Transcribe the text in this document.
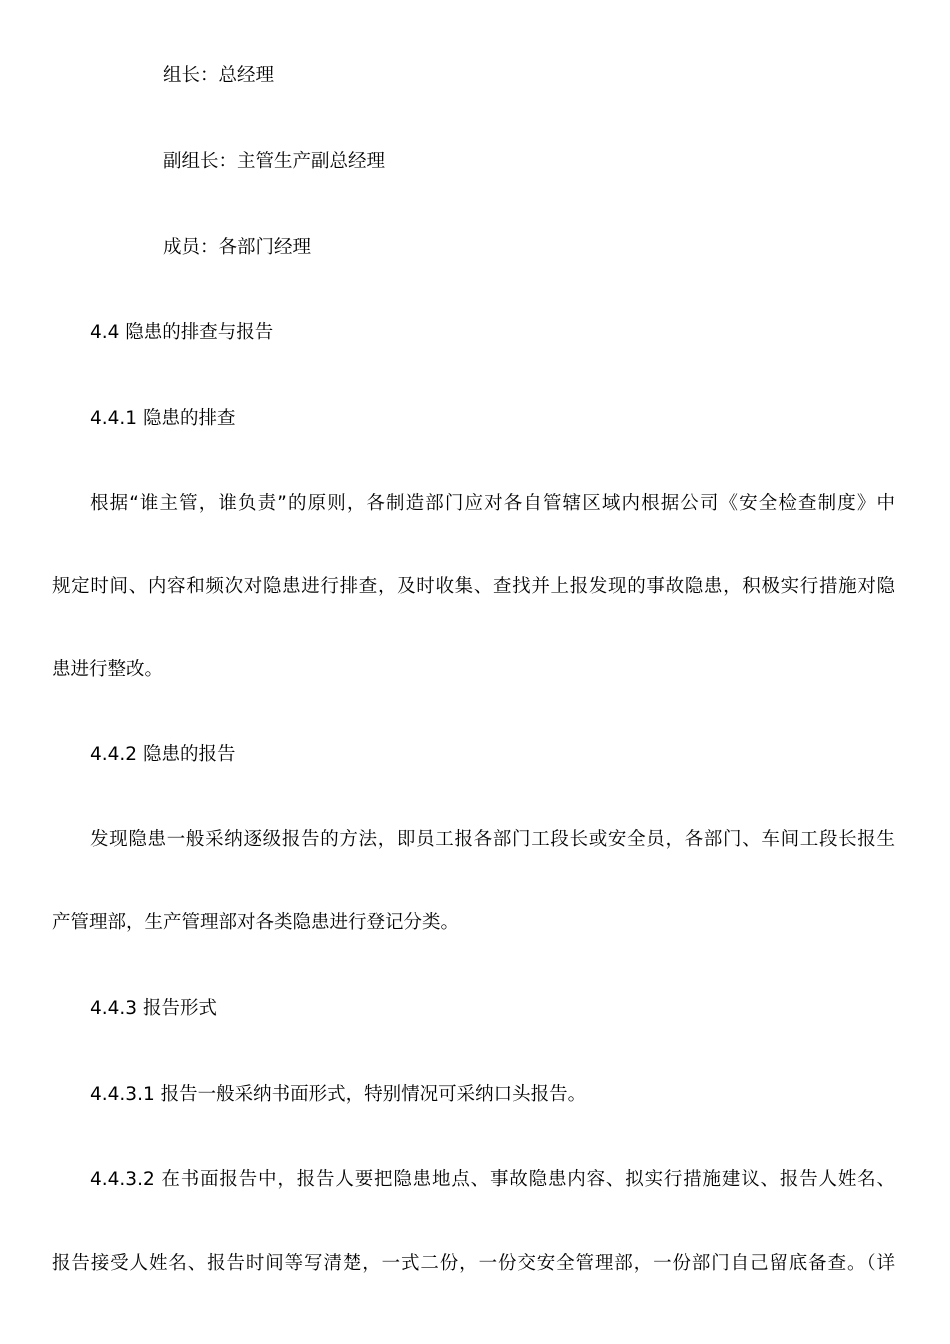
组长：总经理
副组长：主管生产副总经理
成员：各部门经理
4.4 隐患的排查与报告
4.4.1 隐患的排查
根据“谁主管，谁负责”的原则，各制造部门应对各自管辖区域内根据公司《安全检查制度》中
规定时间、内容和频次对隐患进行排查，及时收集、查找并上报发现的事故隐患，积极实行措施对隐
患进行整改。
4.4.2 隐患的报告
发现隐患一般采纳逐级报告的方法，即员工报各部门工段长或安全员，各部门、车间工段长报生
产管理部，生产管理部对各类隐患进行登记分类。
4.4.3 报告形式
4.4.3.1 报告一般采纳书面形式，特别情况可采纳口头报告。
4.4.3.2 在书面报告中，报告人要把隐患地点、事故隐患内容、拟实行措施建议、报告人姓名、
报告接受人姓名、报告时间等写清楚，一式二份，一份交安全管理部，一份部门自己留底备查。（详
